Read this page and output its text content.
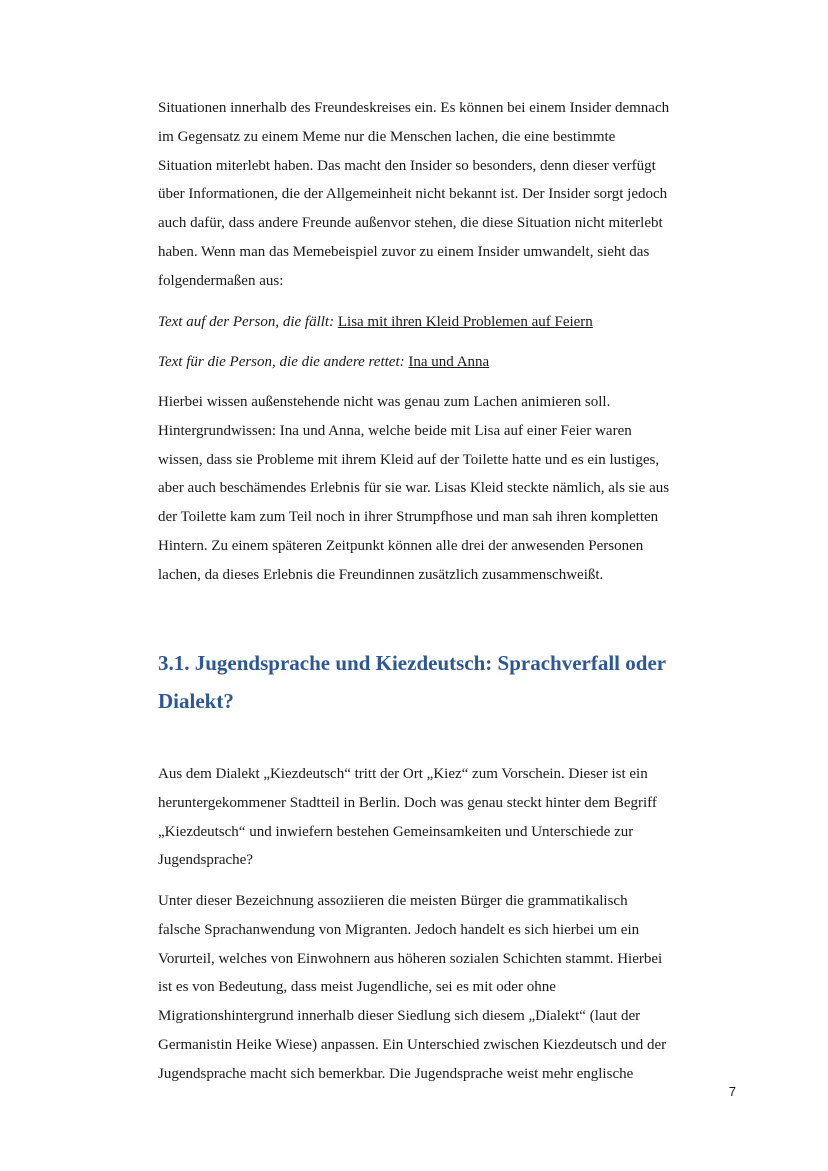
Situationen innerhalb des Freundeskreises ein. Es können bei einem Insider demnach
im Gegensatz zu einem Meme nur die Menschen lachen, die eine bestimmte
Situation miterlebt haben. Das macht den Insider so besonders, denn dieser verfügt
über Informationen, die der Allgemeinheit nicht bekannt ist. Der Insider sorgt jedoch
auch dafür, dass andere Freunde außenvor stehen, die diese Situation nicht miterlebt
haben. Wenn man das Memebeispiel zuvor zu einem Insider umwandelt, sieht das
folgendermaßen aus:

Text auf der Person, die fällt: Lisa mit ihren Kleid Problemen auf Feiern

Text für die Person, die die andere rettet: Ina und Anna

Hierbei wissen außenstehende nicht was genau zum Lachen animieren soll.
Hintergrundwissen: Ina und Anna, welche beide mit Lisa auf einer Feier waren
wissen, dass sie Probleme mit ihrem Kleid auf der Toilette hatte und es ein lustiges,
aber auch beschämendes Erlebnis für sie war. Lisas Kleid steckte nämlich, als sie aus
der Toilette kam zum Teil noch in ihrer Strumpfhose und man sah ihren kompletten
Hintern. Zu einem späteren Zeitpunkt können alle drei der anwesenden Personen
lachen, da dieses Erlebnis die Freundinnen zusätzlich zusammenschweißt.

3.1. Jugendsprache und Kiezdeutsch: Sprachverfall oder
Dialekt?

Aus dem Dialekt „Kiezdeutsch“ tritt der Ort „Kiez“ zum Vorschein. Dieser ist ein
heruntergekommener Stadtteil in Berlin. Doch was genau steckt hinter dem Begriff
„Kiezdeutsch“ und inwiefern bestehen Gemeinsamkeiten und Unterschiede zur
Jugendsprache?

Unter dieser Bezeichnung assoziieren die meisten Bürger die grammatikalisch
falsche Sprachanwendung von Migranten. Jedoch handelt es sich hierbei um ein
Vorurteil, welches von Einwohnern aus höheren sozialen Schichten stammt. Hierbei
ist es von Bedeutung, dass meist Jugendliche, sei es mit oder ohne
Migrationshintergrund innerhalb dieser Siedlung sich diesem „Dialekt“ (laut der
Germanistin Heike Wiese) anpassen. Ein Unterschied zwischen Kiezdeutsch und der
Jugendsprache macht sich bemerkbar. Die Jugendsprache weist mehr englische

7
